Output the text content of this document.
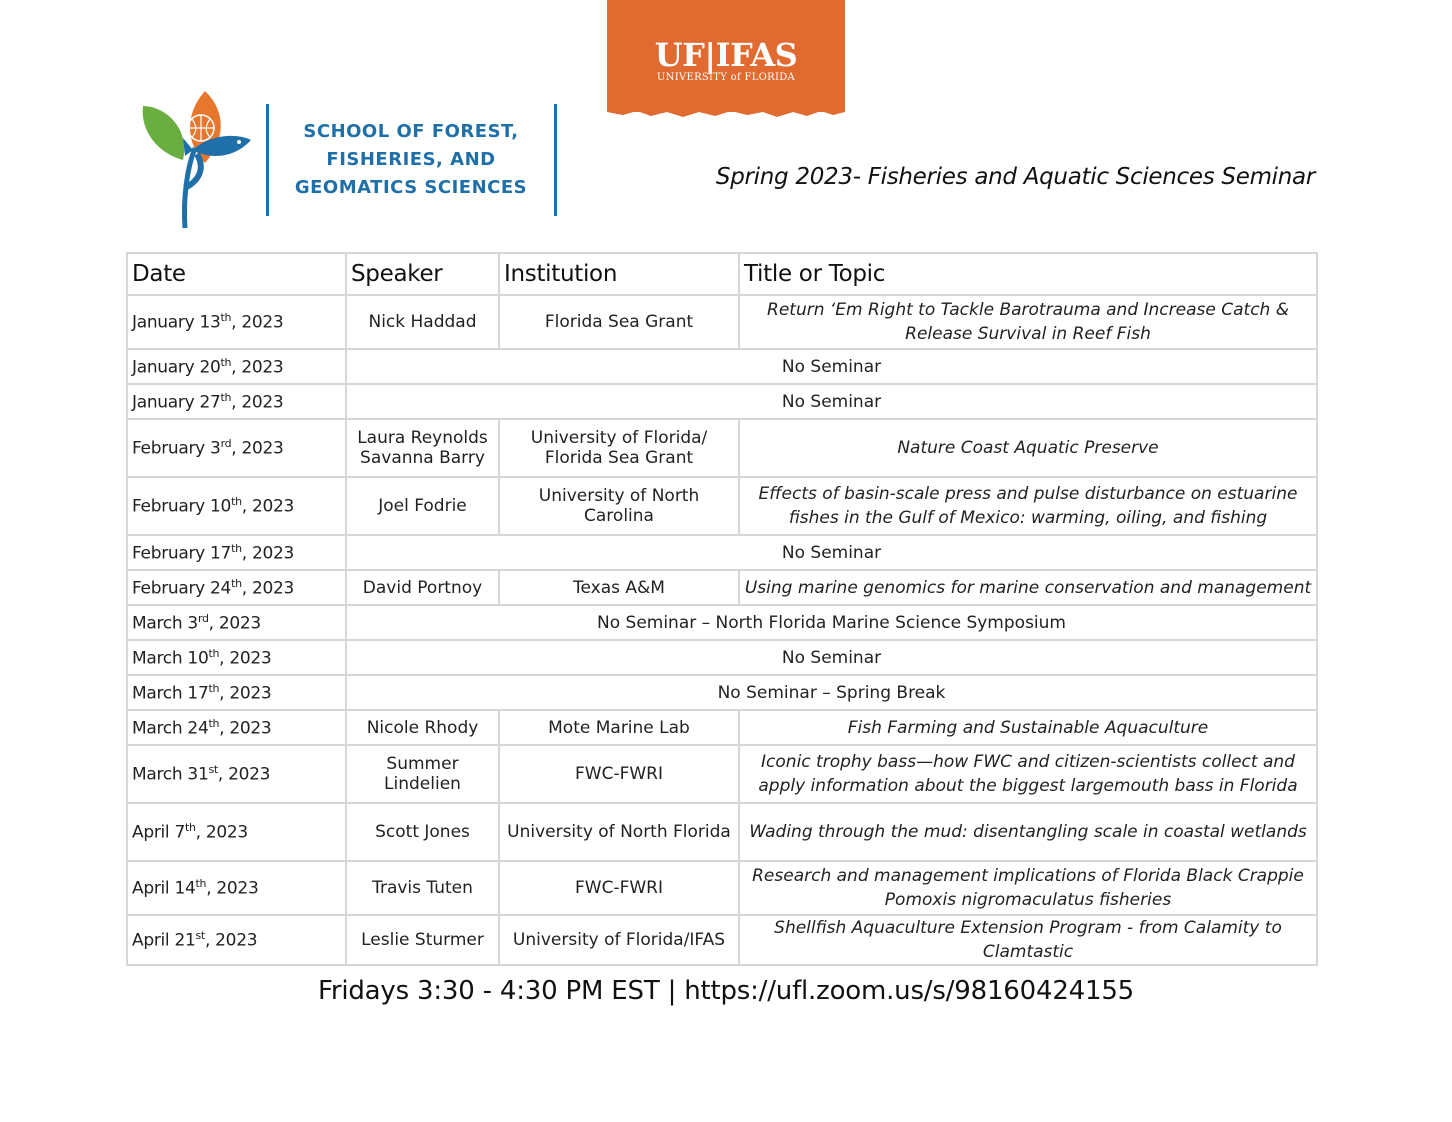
UF|IFAS
UNIVERSITY of FLORIDA
SCHOOL OF FOREST,
FISHERIES, AND
GEOMATICS SCIENCES	Spring 2023- Fisheries and Aquatic Sciences Seminar
Date	Speaker	Institution	Title or Topic
January 13th, 2023	Nick Haddad	Florida Sea Grant	Return ‘Em Right to Tackle Barotrauma and Increase Catch & Release Survival in Reef Fish
January 20th, 2023	No Seminar		
January 27th, 2023	No Seminar		
February 3rd, 2023	Laura Reynolds Savanna Barry	University of Florida/ Florida Sea Grant	Nature Coast Aquatic Preserve
February 10th, 2023	Joel Fodrie	University of North Carolina	Effects of basin-scale press and pulse disturbance on estuarine fishes in the Gulf of Mexico: warming, oiling, and fishing
February 17th, 2023	No Seminar		
February 24th, 2023	David Portnoy	Texas A&M	Using marine genomics for marine conservation and management
March 3rd, 2023	No Seminar – North Florida Marine Science Symposium		
March 10th, 2023	No Seminar		
March 17th, 2023	No Seminar – Spring Break		
March 24th, 2023	Nicole Rhody	Mote Marine Lab	Fish Farming and Sustainable Aquaculture
March 31st, 2023	Summer Lindelien	FWC-FWRI	Iconic trophy bass—how FWC and citizen-scientists collect and apply information about the biggest largemouth bass in Florida
April 7th, 2023	Scott Jones	University of North Florida	Wading through the mud: disentangling scale in coastal wetlands
April 14th, 2023	Travis Tuten	FWC-FWRI	Research and management implications of Florida Black Crappie Pomoxis nigromaculatus fisheries
April 21st, 2023	Leslie Sturmer	University of Florida/IFAS	Shellfish Aquaculture Extension Program - from Calamity to Clamtastic
Fridays 3:30 - 4:30 PM EST | https://ufl.zoom.us/s/98160424155
